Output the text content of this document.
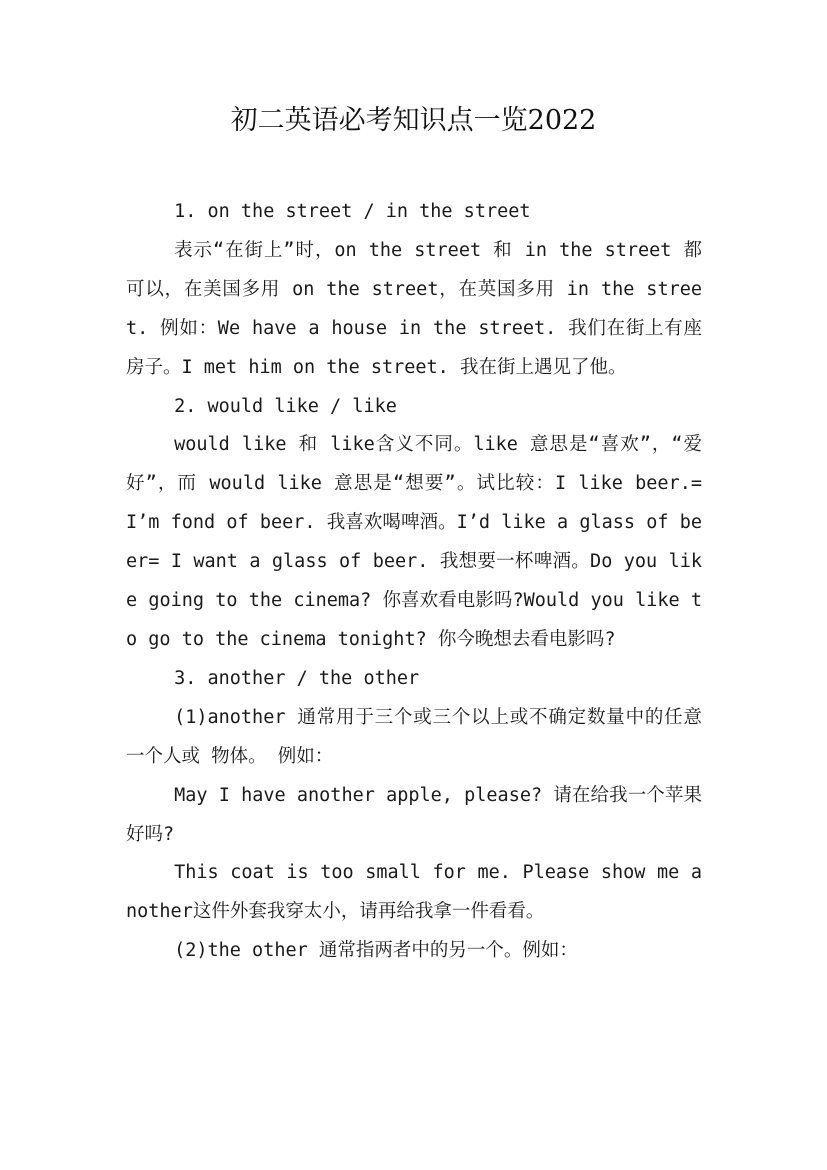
初二英语必考知识点一览2022

1. on the street / in the street

表示“在街上”时，on the street 和 in the street 都可以，在美国多用 on the street，在英国多用 in the street. 例如：We have a house in the street. 我们在街上有座房子。I met him on the street. 我在街上遇见了他。

2. would like / like

would like 和 like含义不同。like 意思是“喜欢”，“爱好”，而 would like 意思是“想要”。试比较：I like beer.=I’m fond of beer. 我喜欢喝啤酒。I’d like a glass of beer= I want a glass of beer. 我想要一杯啤酒。Do you like going to the cinema? 你喜欢看电影吗?Would you like to go to the cinema tonight? 你今晚想去看电影吗?

3. another / the other

(1)another 通常用于三个或三个以上或不确定数量中的任意一个人或 物体。 例如：

May I have another apple, please? 请在给我一个苹果好吗?

This coat is too small for me. Please show me another这件外套我穿太小，请再给我拿一件看看。

(2)the other 通常指两者中的另一个。例如：
